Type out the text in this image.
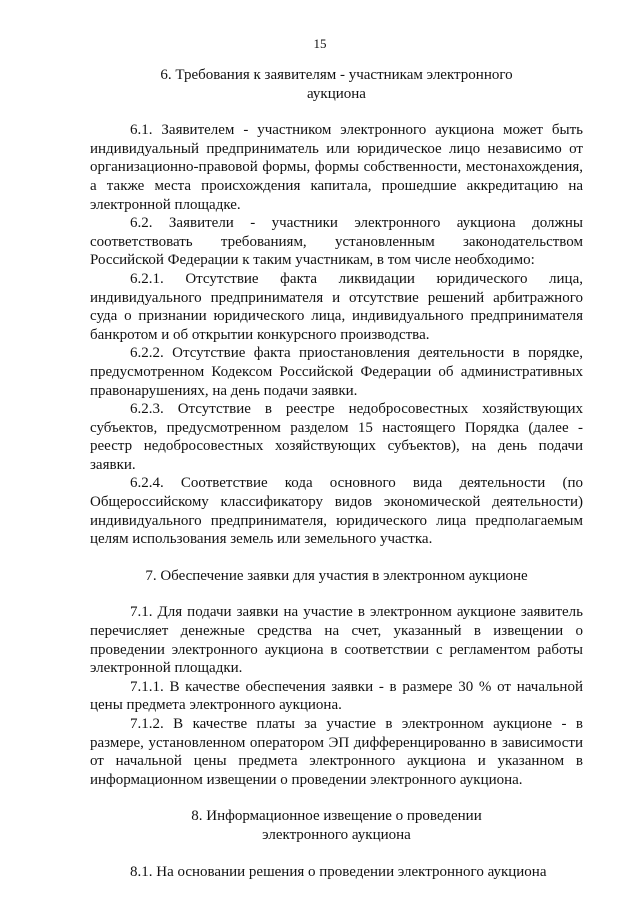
15
6. Требования к заявителям - участникам электронного
аукциона

6.1. Заявителем - участником электронного аукциона может быть индивидуальный предприниматель или юридическое лицо независимо от организационно-правовой формы, формы собственности, местонахождения, а также места происхождения капитала, прошедшие аккредитацию на электронной площадке.

6.2. Заявители - участники электронного аукциона должны соответствовать требованиям, установленным законодательством Российской Федерации к таким участникам, в том числе необходимо:

6.2.1. Отсутствие факта ликвидации юридического лица, индивидуального предпринимателя и отсутствие решений арбитражного суда о признании юридического лица, индивидуального предпринимателя банкротом и об открытии конкурсного производства.

6.2.2. Отсутствие факта приостановления деятельности в порядке, предусмотренном Кодексом Российской Федерации об административных правонарушениях, на день подачи заявки.

6.2.3. Отсутствие в реестре недобросовестных хозяйствующих субъектов, предусмотренном разделом 15 настоящего Порядка (далее - реестр недобросовестных хозяйствующих субъектов), на день подачи заявки.

6.2.4. Соответствие кода основного вида деятельности (по Общероссийскому классификатору видов экономической деятельности) индивидуального предпринимателя, юридического лица предполагаемым целям использования земель или земельного участка.

7. Обеспечение заявки для участия в электронном аукционе

7.1. Для подачи заявки на участие в электронном аукционе заявитель перечисляет денежные средства на счет, указанный в извещении о проведении электронного аукциона в соответствии с регламентом работы электронной площадки.

7.1.1. В качестве обеспечения заявки - в размере 30 % от начальной цены предмета электронного аукциона.

7.1.2. В качестве платы за участие в электронном аукционе - в размере, установленном оператором ЭП дифференцированно в зависимости от начальной цены предмета электронного аукциона и указанном в информационном извещении о проведении электронного аукциона.

8. Информационное извещение о проведении
электронного аукциона

8.1. На основании решения о проведении электронного аукциона
